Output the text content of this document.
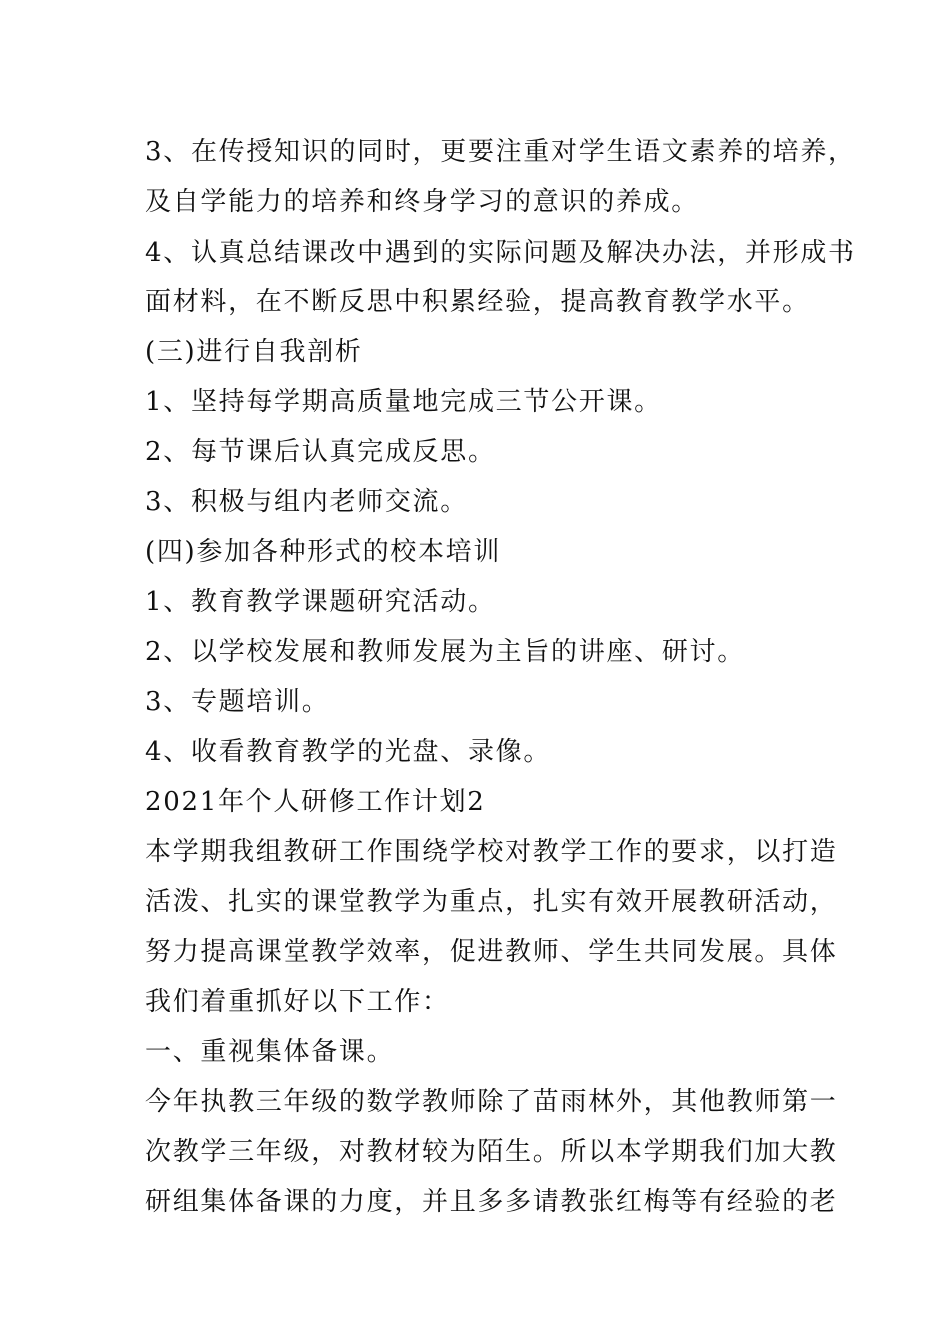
3、在传授知识的同时，更要注重对学生语文素养的培养，
及自学能力的培养和终身学习的意识的养成。
4、认真总结课改中遇到的实际问题及解决办法，并形成书
面材料，在不断反思中积累经验，提高教育教学水平。
(三)进行自我剖析
1、坚持每学期高质量地完成三节公开课。
2、每节课后认真完成反思。
3、积极与组内老师交流。
(四)参加各种形式的校本培训
1、教育教学课题研究活动。
2、以学校发展和教师发展为主旨的讲座、研讨。
3、专题培训。
4、收看教育教学的光盘、录像。
2021年个人研修工作计划2
本学期我组教研工作围绕学校对教学工作的要求，以打造
活泼、扎实的课堂教学为重点，扎实有效开展教研活动，
努力提高课堂教学效率，促进教师、学生共同发展。具体
我们着重抓好以下工作：
一、重视集体备课。
今年执教三年级的数学教师除了苗雨林外，其他教师第一
次教学三年级，对教材较为陌生。所以本学期我们加大教
研组集体备课的力度，并且多多请教张红梅等有经验的老
